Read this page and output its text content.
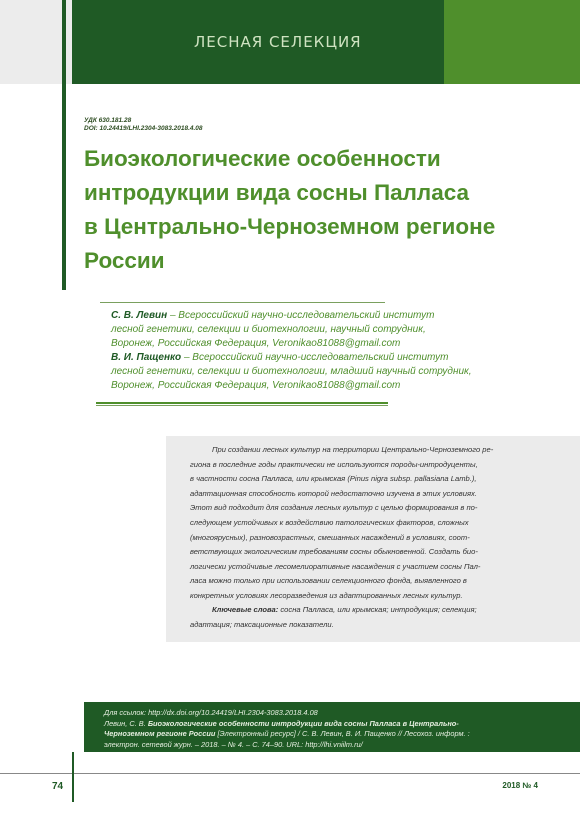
ЛЕСНАЯ СЕЛЕКЦИЯ
УДК 630.181.28
DOI: 10.24419/LHI.2304-3083.2018.4.08
Биоэкологические особенности
интродукции вида сосны Палласа
в Центрально-Черноземном регионе
России
С. В. Левин – Всероссийский научно-исследовательский институт
лесной генетики, селекции и биотехнологии, научный сотрудник,
Воронеж, Российская Федерация, Veronikao81088@gmail.com
В. И. Пащенко – Всероссийский научно-исследовательский институт
лесной генетики, селекции и биотехнологии, младший научный сотрудник,
Воронеж, Российская Федерация, Veronikao81088@gmail.com
При создании лесных культур на территории Центрально-Черноземного ре-
гиона в последние годы практически не используются породы-интродуценты,
в частности сосна Палласа, или крымская (Pinus nigra subsp. pallasiana Lamb.),
адаптационная способность которой недостаточно изучена в этих условиях.
Этот вид подходит для создания лесных культур с целью формирования в по-
следующем устойчивых к воздействию патологических факторов, сложных
(многоярусных), разновозрастных, смешанных насаждений в условиях, соот-
ветствующих экологическим требованиям сосны обыкновенной. Создать био-
логически устойчивые лесомелиоративные насаждения с участием сосны Пал-
ласа можно только при использовании селекционного фонда, выявленного в
конкретных условиях лесоразведения из адаптированных лесных культур.
Ключевые слова: сосна Палласа, или крымская; интродукция; селекция;
адаптация; таксационные показатели.
Для ссылок: http://dx.doi.org/10.24419/LHI.2304-3083.2018.4.08
Левин, С. В. Биоэкологические особенности интродукции вида сосны Палласа в Центрально-
Черноземном регионе России [Электронный ресурс] / С. В. Левин, В. И. Пащенко // Лесохоз. информ. :
электрон. сетевой журн. – 2018. – № 4. – С. 74–90. URL: http://lhi.vniilm.ru/
74	2018 № 4
